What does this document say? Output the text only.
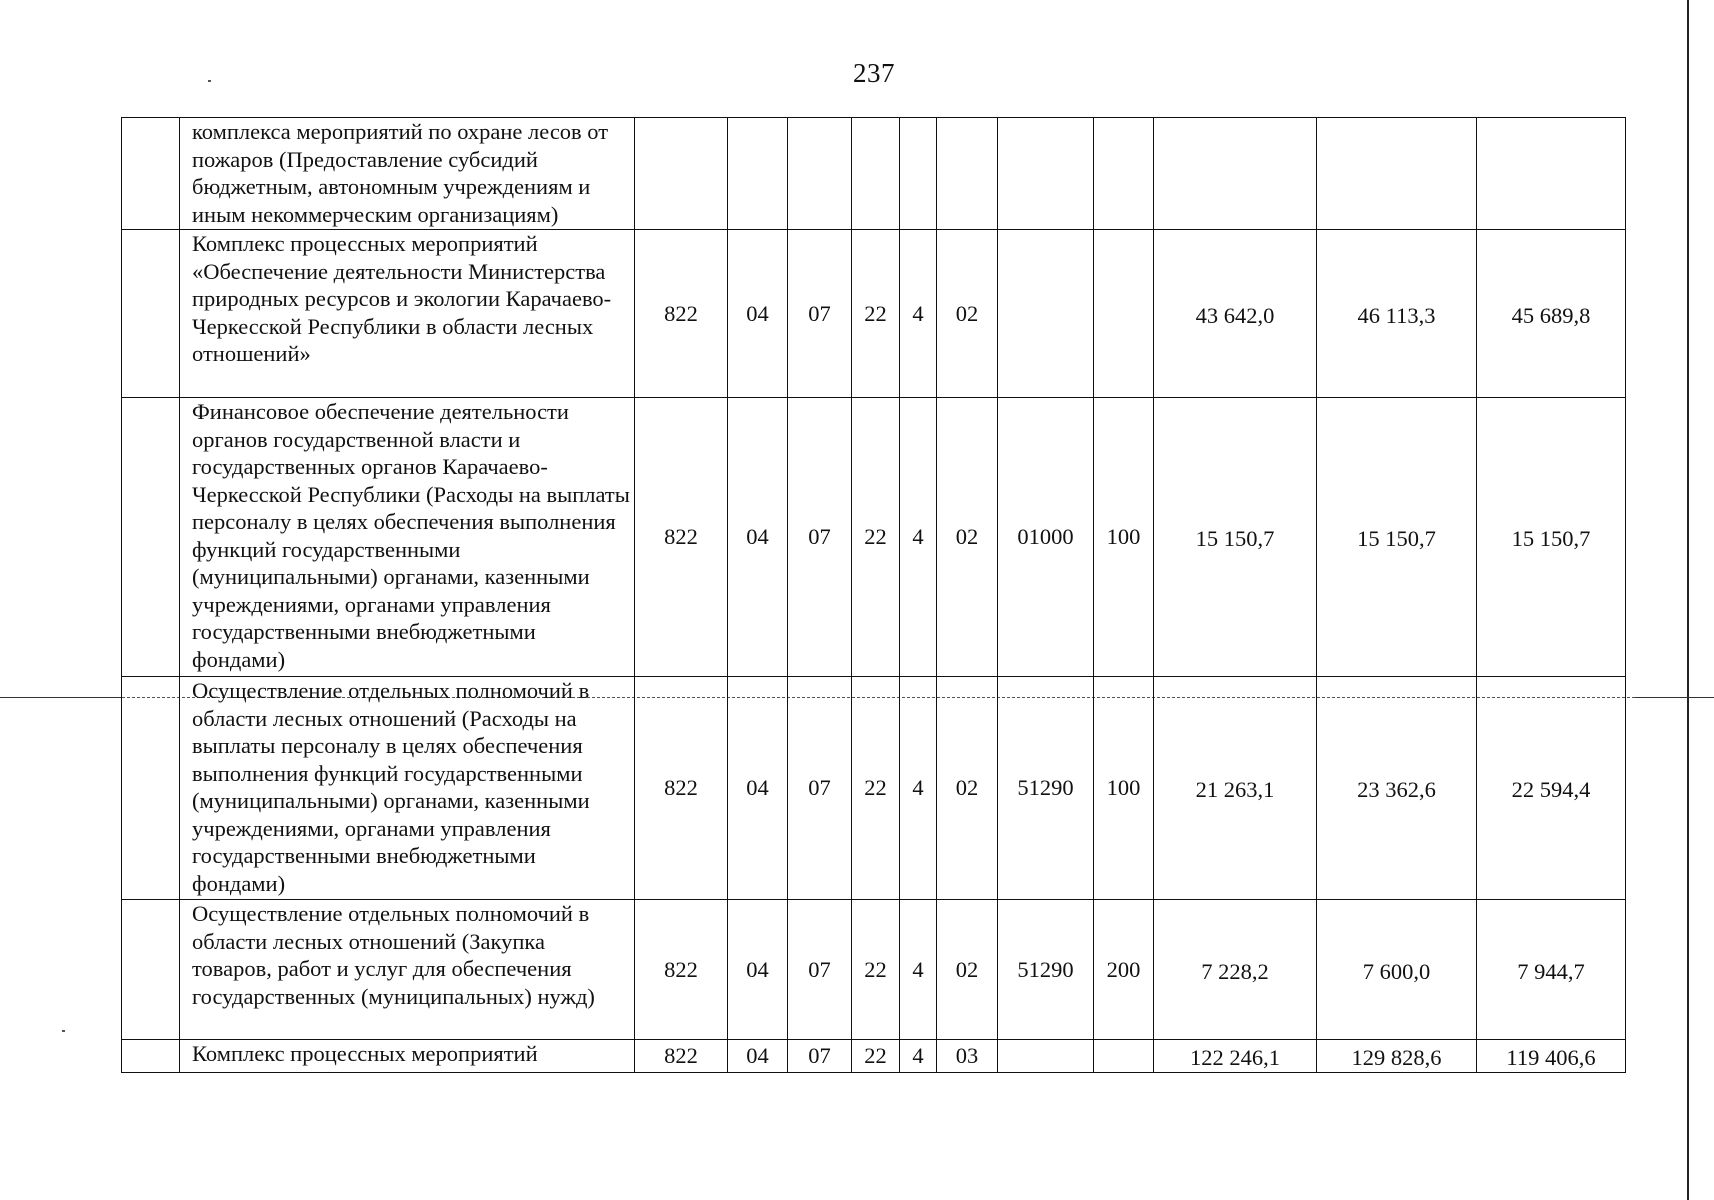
237
	комплекса мероприятий по охране лесов от пожаров (Предоставление субсидий бюджетным, автономным учреждениям и иным некоммерческим организациям)											
	Комплекс процессных мероприятий «Обеспечение деятельности Министерства природных ресурсов и экологии Карачаево-Черкесской Республики в области лесных отношений»	822	04	07	22	4	02			43 642,0	46 113,3	45 689,8
	Финансовое обеспечение деятельности органов государственной власти и государственных органов Карачаево-Черкесской Республики (Расходы на выплаты персоналу в целях обеспечения выполнения функций государственными (муниципальными) органами, казенными учреждениями, органами управления государственными внебюджетными фондами)	822	04	07	22	4	02	01000	100	15 150,7	15 150,7	15 150,7
	Осуществление отдельных полномочий в области лесных отношений (Расходы на выплаты персоналу в целях обеспечения выполнения функций государственными (муниципальными) органами, казенными учреждениями, органами управления государственными внебюджетными фондами)	822	04	07	22	4	02	51290	100	21 263,1	23 362,6	22 594,4
	Осуществление отдельных полномочий в области лесных отношений (Закупка товаров, работ и услуг для обеспечения государственных (муниципальных) нужд)	822	04	07	22	4	02	51290	200	7 228,2	7 600,0	7 944,7
	Комплекс процессных мероприятий	822	04	07	22	4	03			122 246,1	129 828,6	119 406,6
